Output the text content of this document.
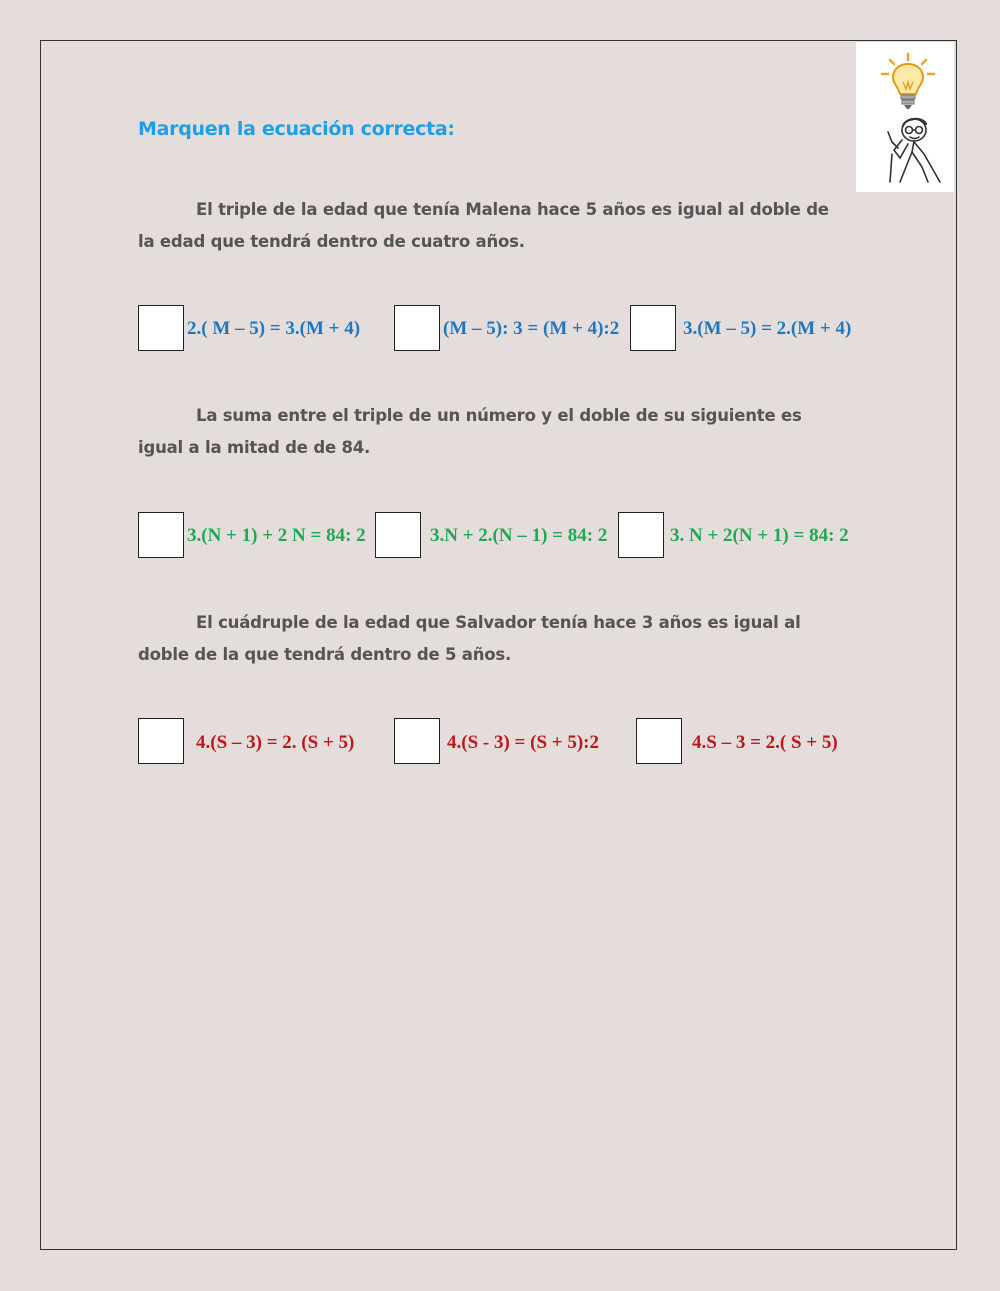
Marquen la ecuación correcta:

El triple de la edad que tenía Malena hace 5 años es igual al doble de la edad que tendrá dentro de cuatro años.

2.( M – 5) = 3.(M + 4)	(M – 5): 3 = (M + 4):2	3.(M – 5) = 2.(M + 4)

La suma entre el triple de un número y el doble de su siguiente es igual a la mitad de de 84.

3.(N + 1) + 2 N = 84: 2	3.N + 2.(N – 1) = 84: 2	3. N + 2(N + 1) = 84: 2

El cuádruple de la edad que Salvador tenía hace 3 años es igual al doble de la que tendrá dentro de 5 años.

4.(S – 3) = 2. (S + 5)	4.(S - 3) = (S + 5):2	4.S – 3 = 2.( S + 5)
